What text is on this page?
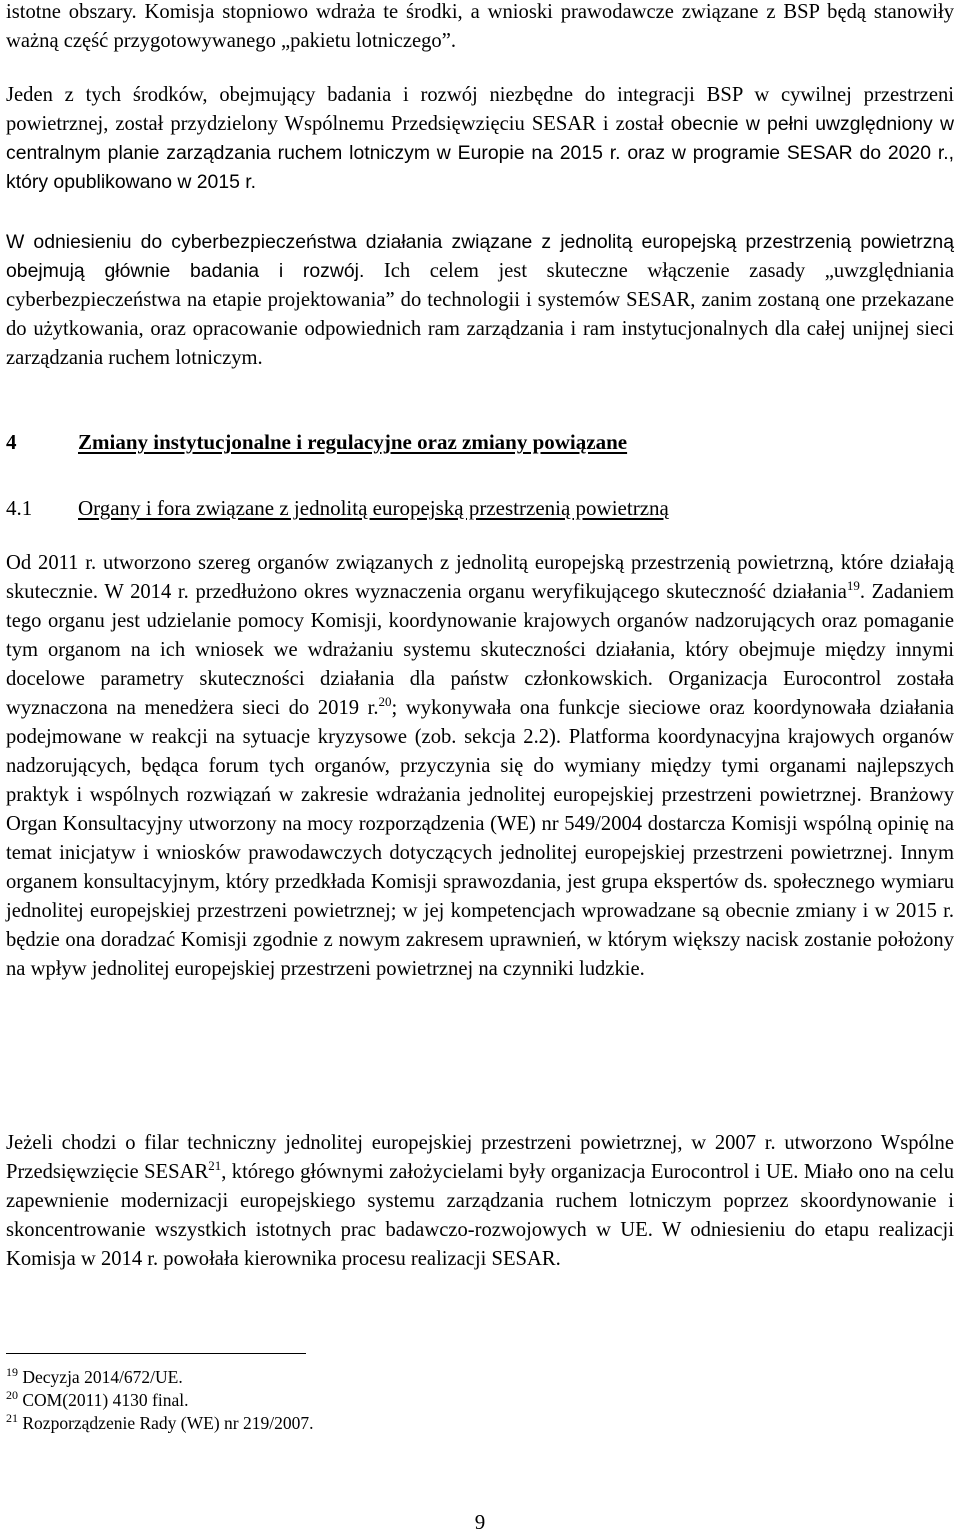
istotne obszary. Komisja stopniowo wdraża te środki, a wnioski prawodawcze związane z BSP będą stanowiły ważną część przygotowywanego „pakietu lotniczego”.

Jeden z tych środków, obejmujący badania i rozwój niezbędne do integracji BSP w cywilnej przestrzeni powietrznej, został przydzielony Wspólnemu Przedsięwzięciu SESAR i został obecnie w pełni uwzględniony w centralnym planie zarządzania ruchem lotniczym w Europie na 2015 r. oraz w programie SESAR do 2020 r., który opublikowano w 2015 r.

W odniesieniu do cyberbezpieczeństwa działania związane z jednolitą europejską przestrzenią powietrzną obejmują głównie badania i rozwój. Ich celem jest skuteczne włączenie zasady „uwzględniania cyberbezpieczeństwa na etapie projektowania” do technologii i systemów SESAR, zanim zostaną one przekazane do użytkowania, oraz opracowanie odpowiednich ram zarządzania i ram instytucjonalnych dla całej unijnej sieci zarządzania ruchem lotniczym.

4	Zmiany instytucjonalne i regulacyjne oraz zmiany powiązane
4.1	Organy i fora związane z jednolitą europejską przestrzenią powietrzną

Od 2011 r. utworzono szereg organów związanych z jednolitą europejską przestrzenią powietrzną, które działają skutecznie. W 2014 r. przedłużono okres wyznaczenia organu weryfikującego skuteczność działania$^{19}$. Zadaniem tego organu jest udzielanie pomocy Komisji, koordynowanie krajowych organów nadzorujących oraz pomaganie tym organom na ich wniosek we wdrażaniu systemu skuteczności działania, który obejmuje między innymi docelowe parametry skuteczności działania dla państw członkowskich. Organizacja Eurocontrol została wyznaczona na menedżera sieci do 2019 r.$^{20}$; wykonywała ona funkcje sieciowe oraz koordynowała działania podejmowane w reakcji na sytuacje kryzysowe (zob. sekcja 2.2). Platforma koordynacyjna krajowych organów nadzorujących, będąca forum tych organów, przyczynia się do wymiany między tymi organami najlepszych praktyk i wspólnych rozwiązań w zakresie wdrażania jednolitej europejskiej przestrzeni powietrznej. Branżowy Organ Konsultacyjny utworzony na mocy rozporządzenia (WE) nr 549/2004 dostarcza Komisji wspólną opinię na temat inicjatyw i wniosków prawodawczych dotyczących jednolitej europejskiej przestrzeni powietrznej. Innym organem konsultacyjnym, który przedkłada Komisji sprawozdania, jest grupa ekspertów ds. społecznego wymiaru jednolitej europejskiej przestrzeni powietrznej; w jej kompetencjach wprowadzane są obecnie zmiany i w 2015 r. będzie ona doradzać Komisji zgodnie z nowym zakresem uprawnień, w którym większy nacisk zostanie położony na wpływ jednolitej europejskiej przestrzeni powietrznej na czynniki ludzkie.

Jeżeli chodzi o filar techniczny jednolitej europejskiej przestrzeni powietrznej, w 2007 r. utworzono Wspólne Przedsięwzięcie SESAR$^{21}$, którego głównymi założycielami były organizacja Eurocontrol i UE. Miało ono na celu zapewnienie modernizacji europejskiego systemu zarządzania ruchem lotniczym poprzez skoordynowanie i skoncentrowanie wszystkich istotnych prac badawczo-rozwojowych w UE. W odniesieniu do etapu realizacji Komisja w 2014 r. powołała kierownika procesu realizacji SESAR.

$^{19}$ Decyzja 2014/672/UE.

$^{20}$ COM(2011) 4130 final.

$^{21}$ Rozporządzenie Rady (WE) nr 219/2007.

9
